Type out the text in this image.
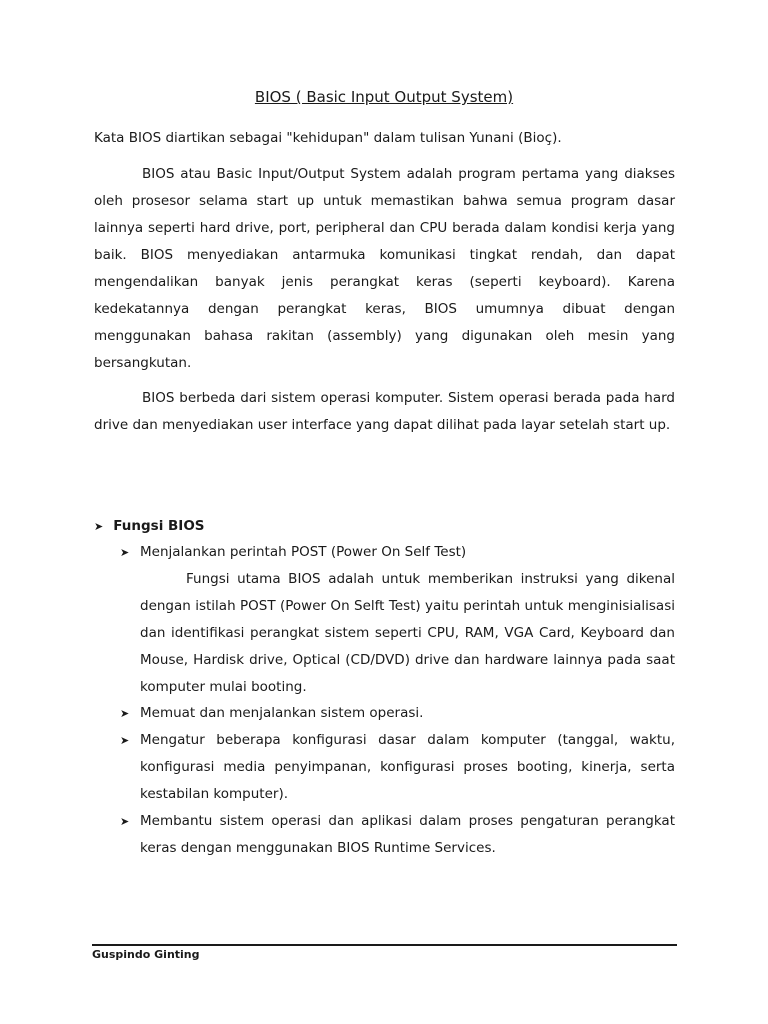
BIOS ( Basic Input Output System)

Kata BIOS diartikan sebagai "kehidupan" dalam tulisan Yunani (Bioç).

BIOS atau Basic Input/Output System adalah program pertama yang diakses oleh prosesor selama start up untuk memastikan bahwa semua program dasar lainnya seperti hard drive, port, peripheral dan CPU berada dalam kondisi kerja yang baik. BIOS menyediakan antarmuka komunikasi tingkat rendah, dan dapat mengendalikan banyak jenis perangkat keras (seperti keyboard). Karena kedekatannya dengan perangkat keras, BIOS umumnya dibuat dengan menggunakan bahasa rakitan (assembly) yang digunakan oleh mesin yang bersangkutan.

BIOS berbeda dari sistem operasi komputer. Sistem operasi berada pada hard drive dan menyediakan user interface yang dapat dilihat pada layar setelah start up.

➤ Fungsi BIOS
➤ Menjalankan perintah POST (Power On Self Test)

Fungsi utama BIOS adalah untuk memberikan instruksi yang dikenal dengan istilah POST (Power On Selft Test) yaitu perintah untuk menginisialisasi dan identifikasi perangkat sistem seperti CPU, RAM, VGA Card, Keyboard dan Mouse, Hardisk drive, Optical (CD/DVD) drive dan hardware lainnya pada saat komputer mulai booting.

➤ Memuat dan menjalankan sistem operasi.
➤ Mengatur beberapa konfigurasi dasar dalam komputer (tanggal, waktu, konfigurasi media penyimpanan, konfigurasi proses booting, kinerja, serta kestabilan komputer).
➤ Membantu sistem operasi dan aplikasi dalam proses pengaturan perangkat keras dengan menggunakan BIOS Runtime Services.
Guspindo Ginting
